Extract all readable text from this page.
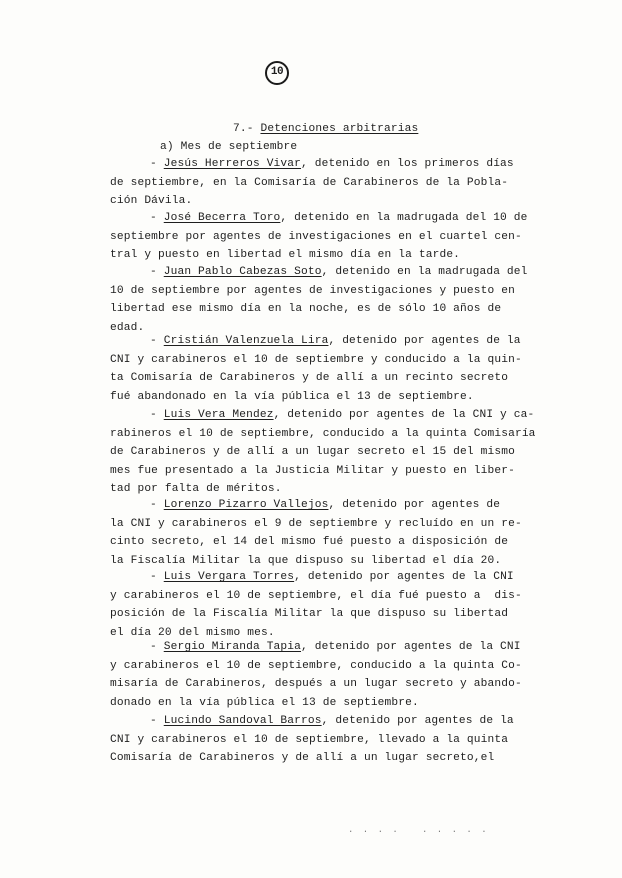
10
7.- Detenciones arbitrarias
a) Mes de septiembre
- Jesús Herreros Vivar, detenido en los primeros días
de septiembre, en la Comisaría de Carabineros de la Pobla-
ción Dávila.
- José Becerra Toro, detenido en la madrugada del 10 de
septiembre por agentes de investigaciones en el cuartel cen-
tral y puesto en libertad el mismo día en la tarde.
- Juan Pablo Cabezas Soto, detenido en la madrugada del
10 de septiembre por agentes de investigaciones y puesto en
libertad ese mismo día en la noche, es de sólo 10 años de
edad.
- Cristián Valenzuela Lira, detenido por agentes de la
CNI y carabineros el 10 de septiembre y conducido a la quin-
ta Comisaría de Carabineros y de allí a un recinto secreto
fué abandonado en la vía pública el 13 de septiembre.
- Luis Vera Mendez, detenido por agentes de la CNI y ca-
rabineros el 10 de septiembre, conducido a la quinta Comisaría
de Carabineros y de allí a un lugar secreto el 15 del mismo
mes fue presentado a la Justicia Militar y puesto en liber-
tad por falta de méritos.
- Lorenzo Pizarro Vallejos, detenido por agentes de
la CNI y carabineros el 9 de septiembre y recluído en un re-
cinto secreto, el 14 del mismo fué puesto a disposición de
la Fiscalía Militar la que dispuso su libertad el día 20.
- Luis Vergara Torres, detenido por agentes de la CNI
y carabineros el 10 de septiembre, el día fué puesto a  dis-
posición de la Fiscalía Militar la que dispuso su libertad
el día 20 del mismo mes.
- Sergio Miranda Tapia, detenido por agentes de la CNI
y carabineros el 10 de septiembre, conducido a la quinta Co-
misaría de Carabineros, después a un lugar secreto y abando-
donado en la vía pública el 13 de septiembre.
- Lucindo Sandoval Barros, detenido por agentes de la
CNI y carabineros el 10 de septiembre, llevado a la quinta
Comisaría de Carabineros y de allí a un lugar secreto,el
. . . .   . . . . .
